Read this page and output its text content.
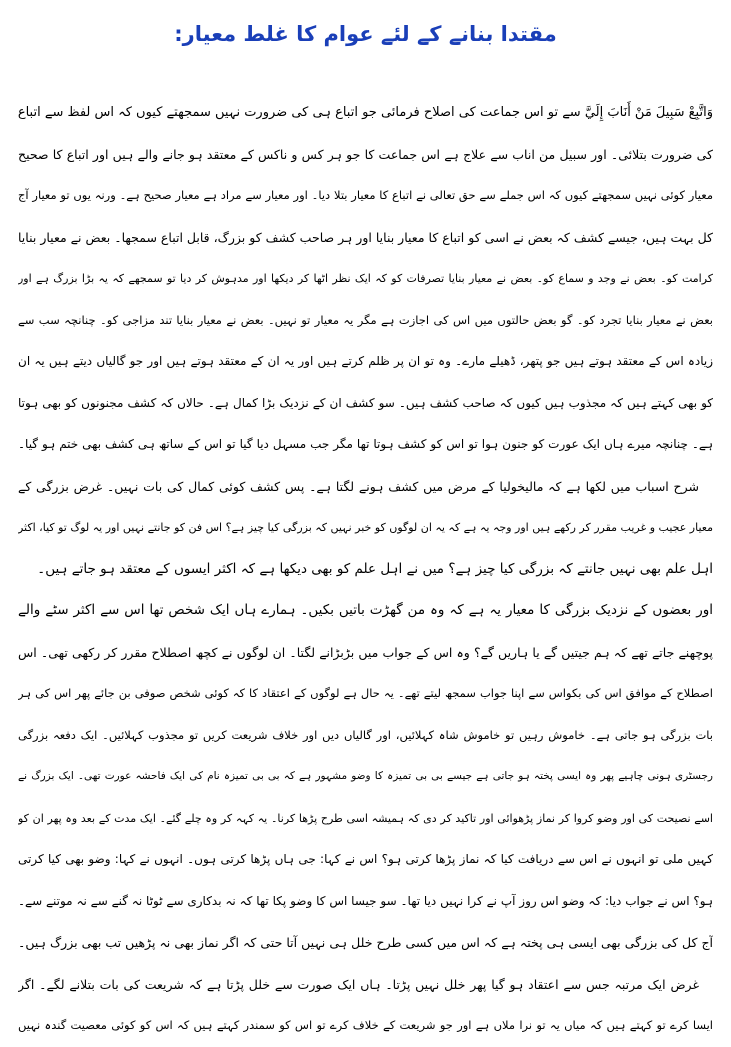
مقتدا بنانے کے لئے عوام کا غلط معیار:
وَاتَّبِعْ سَبِيلَ مَنْ أَنَابَ إِلَيَّ سے تو اس جماعت کی اصلاح فرمائی جو اتباع ہی کی ضرورت نہیں سمجھتے کیوں کہ اس لفظ سے اتباع
کی ضرورت بتلائی۔ اور سبیل من اناب سے علاج ہے اس جماعت کا جو ہر کس و ناکس کے معتقد ہو جانے والے ہیں اور اتباع کا صحیح
معیار کوئی نہیں سمجھتے کیوں کہ اس جملے سے حق تعالی نے اتباع کا معیار بتلا دیا۔ اور معیار سے مراد ہے معیار صحیح ہے۔ ورنہ یوں تو معیار آج
کل بہت ہیں، جیسے کشف کہ بعض نے اسی کو اتباع کا معیار بنایا اور ہر صاحب کشف کو بزرگ، قابل اتباع سمجھا۔ بعض نے معیار بنایا
کرامت کو۔ بعض نے وجد و سماع کو۔ بعض نے معیار بنایا تصرفات کو کہ ایک نظر اٹھا کر دیکھا اور مدہوش کر دیا تو سمجھے کہ یہ بڑا بزرگ ہے اور
بعض نے معیار بنایا تجرد کو۔ گو بعض حالتوں میں اس کی اجازت ہے مگر یہ معیار تو نہیں۔ بعض نے معیار بنایا تند مزاجی کو۔ چنانچہ سب سے
زیادہ اس کے معتقد ہوتے ہیں جو پتھر، ڈھیلے مارے۔ وہ تو ان پر ظلم کرتے ہیں اور یہ ان کے معتقد ہوتے ہیں اور جو گالیاں دیتے ہیں یہ ان
کو بھی کہتے ہیں کہ مجذوب ہیں کیوں کہ صاحب کشف ہیں۔ سو کشف ان کے نزدیک بڑا کمال ہے۔ حالاں کہ کشف مجنونوں کو بھی ہوتا
ہے۔ چنانچہ میرے ہاں ایک عورت کو جنون ہوا تو اس کو کشف ہوتا تھا مگر جب مسہل دیا گیا تو اس کے ساتھ ہی کشف بھی ختم ہو گیا۔
شرح اسباب میں لکھا ہے کہ مالیخولیا کے مرض میں کشف ہونے لگتا ہے۔ پس کشف کوئی کمال کی بات نہیں۔ غرض بزرگی کے
معیار عجیب و غریب مقرر کر رکھے ہیں اور وجہ یہ ہے کہ یہ ان لوگوں کو خبر نہیں کہ بزرگی کیا چیز ہے؟ اس فن کو جانتے نہیں اور یہ لوگ تو کیا، اکثر
اہل علم بھی نہیں جانتے کہ بزرگی کیا چیز ہے؟ میں نے اہل علم کو بھی دیکھا ہے کہ اکثر ایسوں کے معتقد ہو جاتے ہیں۔
اور بعضوں کے نزدیک بزرگی کا معیار یہ ہے کہ وہ من گھڑت باتیں بکیں۔ ہمارے ہاں ایک شخص تھا اس سے اکثر سٹے والے
پوچھنے جاتے تھے کہ ہم جیتیں گے یا ہاریں گے؟ وہ اس کے جواب میں بڑبڑانے لگتا۔ ان لوگوں نے کچھ اصطلاح مقرر کر رکھی تھی۔ اس
اصطلاح کے موافق اس کی بکواس سے اپنا جواب سمجھ لیتے تھے۔ یہ حال ہے لوگوں کے اعتقاد کا کہ کوئی شخص صوفی بن جائے پھر اس کی ہر
بات بزرگی ہو جاتی ہے۔ خاموش رہیں تو خاموش شاہ کہلائیں، اور گالیاں دیں اور خلاف شریعت کریں تو مجذوب کہلائیں۔ ایک دفعہ بزرگی
رجسٹری ہونی چاہیے پھر وہ ایسی پختہ ہو جاتی ہے جیسے بی بی تمیزہ کا وضو مشہور ہے کہ بی بی تمیزہ نام کی ایک فاحشہ عورت تھی۔ ایک بزرگ نے
اسے نصیحت کی اور وضو کروا کر نماز پڑھوائی اور تاکید کر دی کہ ہمیشہ اسی طرح پڑھا کرنا۔ یہ کہہ کر وہ چلے گئے۔ ایک مدت کے بعد وہ پھر ان کو
کہیں ملی تو انہوں نے اس سے دریافت کیا کہ نماز پڑھا کرتی ہو؟ اس نے کہا: جی ہاں پڑھا کرتی ہوں۔ انہوں نے کہا: وضو بھی کیا کرتی
ہو؟ اس نے جواب دیا: کہ وضو اس روز آپ نے کرا نہیں دیا تھا۔ سو جیسا اس کا وضو پکا تھا کہ نہ بدکاری سے ٹوٹا نہ گنے سے نہ موتنے سے۔
آج کل کی بزرگی بھی ایسی ہی پختہ ہے کہ اس میں کسی طرح خلل ہی نہیں آتا حتی کہ اگر نماز بھی نہ پڑھیں تب بھی بزرگ ہیں۔
غرض ایک مرتبہ جس سے اعتقاد ہو گیا پھر خلل نہیں پڑتا۔ ہاں ایک صورت سے خلل پڑتا ہے کہ شریعت کی بات بتلانے لگے۔ اگر
ایسا کرے تو کہتے ہیں کہ میاں یہ تو نرا ملاں ہے اور جو شریعت کے خلاف کرے تو اس کو سمندر کہتے ہیں کہ اس کو کوئی معصیت گندہ نہیں
